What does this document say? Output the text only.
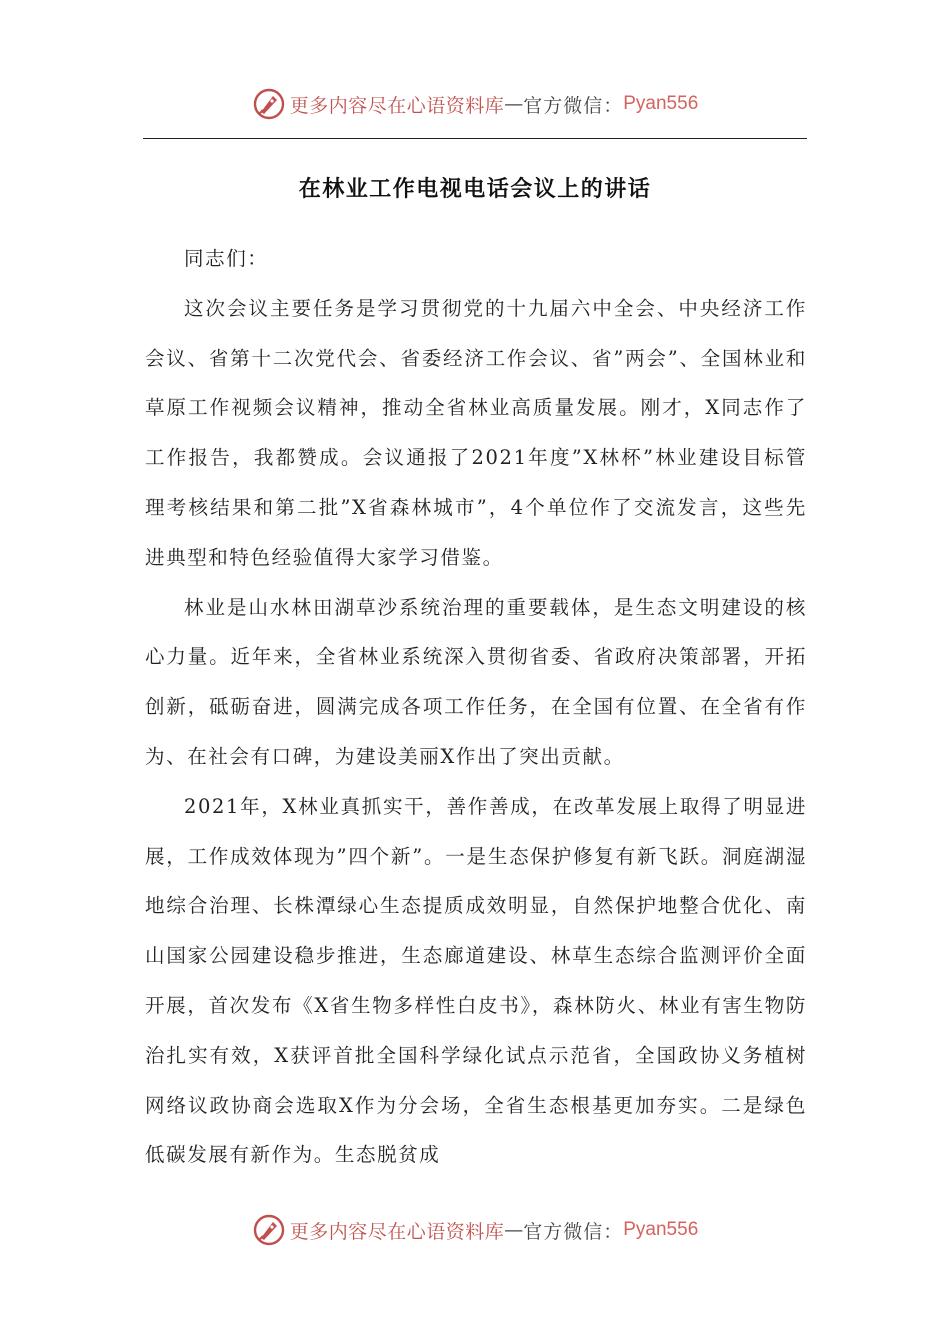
更多内容尽在心语资料库 — 官方微信： Pyan556
在林业工作电视电话会议上的讲话

同志们：

这次会议主要任务是学习贯彻党的十九届六中全会、中央经济工作会议、省第十二次党代会、省委经济工作会议、省”两会”、全国林业和草原工作视频会议精神，推动全省林业高质量发展。刚才，X同志作了工作报告，我都赞成。会议通报了2021年度”X林杯”林业建设目标管理考核结果和第二批”X省森林城市”，4个单位作了交流发言，这些先进典型和特色经验值得大家学习借鉴。

林业是山水林田湖草沙系统治理的重要载体，是生态文明建设的核心力量。近年来，全省林业系统深入贯彻省委、省政府决策部署，开拓创新，砥砺奋进，圆满完成各项工作任务，在全国有位置、在全省有作为、在社会有口碑，为建设美丽X作出了突出贡献。

2021年，X林业真抓实干，善作善成，在改革发展上取得了明显进展，工作成效体现为”四个新”。一是生态保护修复有新飞跃。洞庭湖湿地综合治理、长株潭绿心生态提质成效明显，自然保护地整合优化、南山国家公园建设稳步推进，生态廊道建设、林草生态综合监测评价全面开展，首次发布《X省生物多样性白皮书》，森林防火、林业有害生物防治扎实有效，X获评首批全国科学绿化试点示范省，全国政协义务植树网络议政协商会选取X作为分会场，全省生态根基更加夯实。二是绿色低碳发展有新作为。生态脱贫成

更多内容尽在心语资料库 — 官方微信： Pyan556
